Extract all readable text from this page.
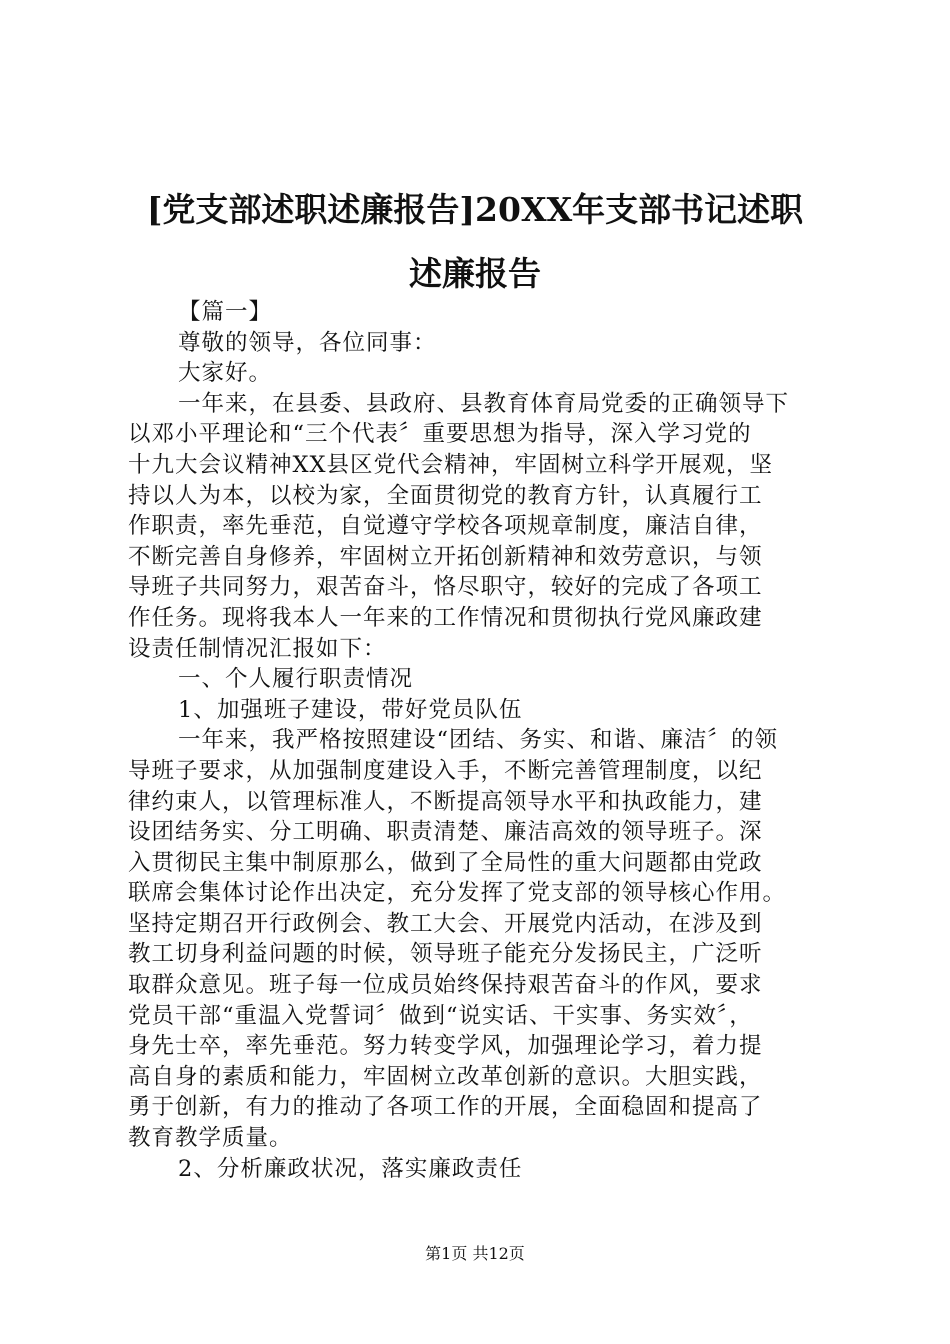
[党支部述职述廉报告]20XX年支部书记述职
述廉报告
【篇一】
尊敬的领导，各位同事：
大家好。
一年来，在县委、县政府、县教育体育局党委的正确领导下
以邓小平理论和“三个代表〞重要思想为指导，深入学习党的
十九大会议精神XX县区党代会精神，牢固树立科学开展观，坚
持以人为本，以校为家，全面贯彻党的教育方针，认真履行工
作职责，率先垂范，自觉遵守学校各项规章制度，廉洁自律，
不断完善自身修养，牢固树立开拓创新精神和效劳意识，与领
导班子共同努力，艰苦奋斗，恪尽职守，较好的完成了各项工
作任务。现将我本人一年来的工作情况和贯彻执行党风廉政建
设责任制情况汇报如下：
一、个人履行职责情况
1、加强班子建设，带好党员队伍
一年来，我严格按照建设“团结、务实、和谐、廉洁〞的领
导班子要求，从加强制度建设入手，不断完善管理制度，以纪
律约束人，以管理标准人，不断提高领导水平和执政能力，建
设团结务实、分工明确、职责清楚、廉洁高效的领导班子。深
入贯彻民主集中制原那么，做到了全局性的重大问题都由党政
联席会集体讨论作出决定，充分发挥了党支部的领导核心作用。
坚持定期召开行政例会、教工大会、开展党内活动，在涉及到
教工切身利益问题的时候，领导班子能充分发扬民主，广泛听
取群众意见。班子每一位成员始终保持艰苦奋斗的作风，要求
党员干部“重温入党誓词〞做到“说实话、干实事、务实效〞，
身先士卒，率先垂范。努力转变学风，加强理论学习，着力提
高自身的素质和能力，牢固树立改革创新的意识。大胆实践，
勇于创新，有力的推动了各项工作的开展，全面稳固和提高了
教育教学质量。
2、分析廉政状况，落实廉政责任
第1页 共12页
